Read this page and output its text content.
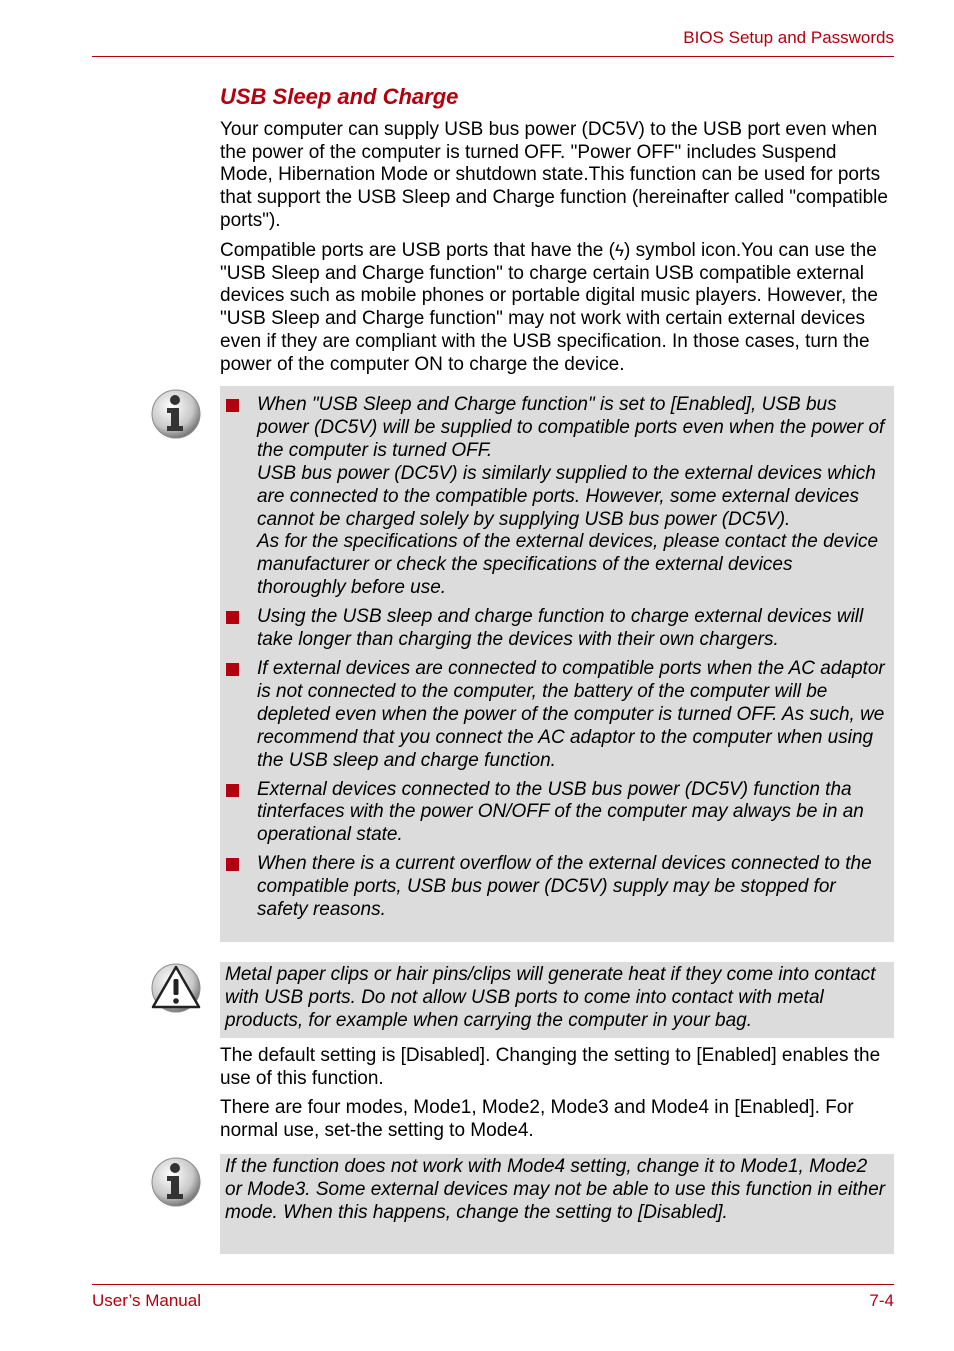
BIOS Setup and Passwords
USB Sleep and Charge

Your computer can supply USB bus power (DC5V) to the USB port even when the power of the computer is turned OFF. "Power OFF" includes Suspend Mode, Hibernation Mode or shutdown state.This function can be used for ports that support the USB Sleep and Charge function (hereinafter called "compatible ports").

Compatible ports are USB ports that have the (ϟ) symbol icon.You can use the "USB Sleep and Charge function" to charge certain USB compatible external devices such as mobile phones or portable digital music players. However, the "USB Sleep and Charge function" may not work with certain external devices even if they are compliant with the USB specification. In those cases, turn the power of the computer ON to charge the device.

When "USB Sleep and Charge function" is set to [Enabled], USB bus power (DC5V) will be supplied to compatible ports even when the power of the computer is turned OFF.

USB bus power (DC5V) is similarly supplied to the external devices which are connected to the compatible ports. However, some external devices cannot be charged solely by supplying USB bus power (DC5V).

As for the specifications of the external devices, please contact the device manufacturer or check the specifications of the external devices thoroughly before use.

Using the USB sleep and charge function to charge external devices will take longer than charging the devices with their own chargers.

If external devices are connected to compatible ports when the AC adaptor is not connected to the computer, the battery of the computer will be depleted even when the power of the computer is turned OFF. As such, we recommend that you connect the AC adaptor to the computer when using the USB sleep and charge function.

External devices connected to the USB bus power (DC5V) function tha tinterfaces with the power ON/OFF of the computer may always be in an operational state.

When there is a current overflow of the external devices connected to the compatible ports, USB bus power (DC5V) supply may be stopped for safety reasons.

Metal paper clips or hair pins/clips will generate heat if they come into contact with USB ports. Do not allow USB ports to come into contact with metal products, for example when carrying the computer in your bag.

The default setting is [Disabled]. Changing the setting to [Enabled] enables the use of this function.

There are four modes, Mode1, Mode2, Mode3 and Mode4 in [Enabled]. For normal use, set-the setting to Mode4.

If the function does not work with Mode4 setting, change it to Mode1, Mode2 or Mode3. Some external devices may not be able to use this function in either mode. When this happens, change the setting to [Disabled].

User’s Manual	7-4
